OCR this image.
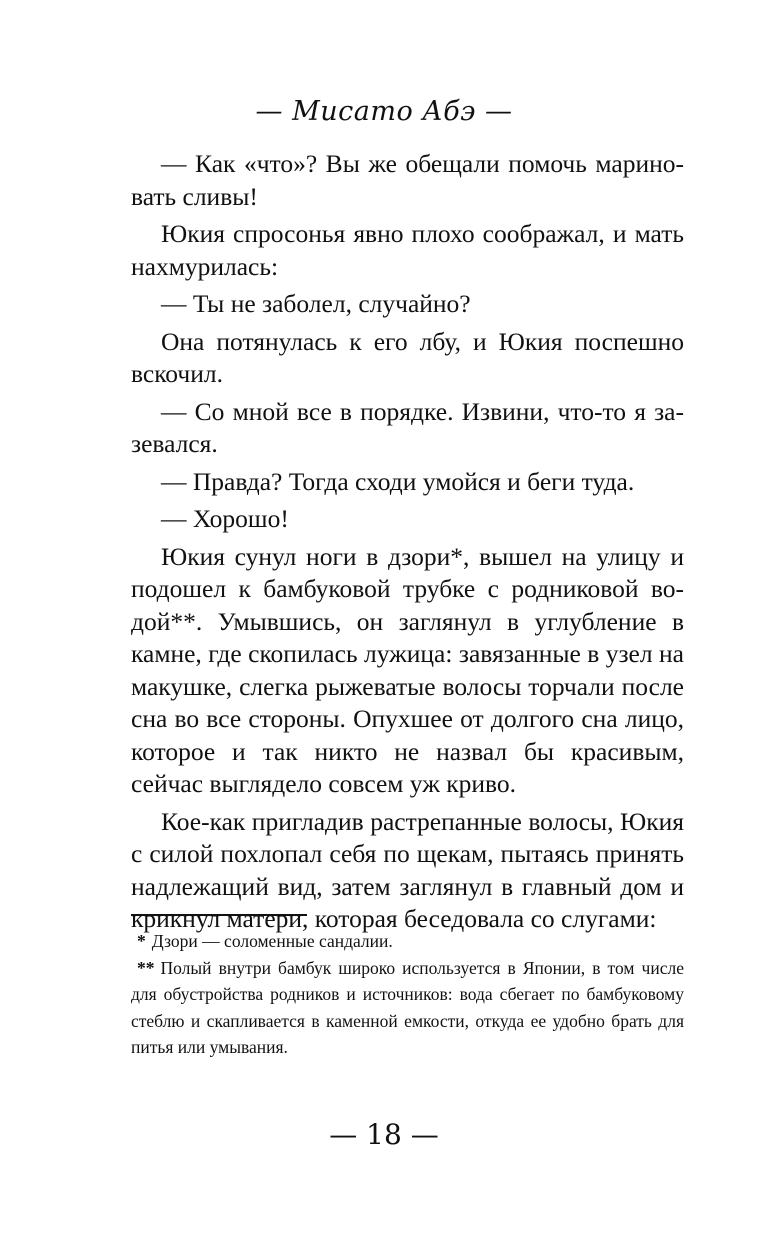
— Мисато Абэ —

— Как «что»? Вы же обещали помочь мариновать сливы!

Юкия спросонья явно плохо соображал, и мать нахмурилась:

— Ты не заболел, случайно?

Она потянулась к его лбу, и Юкия поспешно вскочил.

— Со мной все в порядке. Извини, что-то я зазевался.

— Правда? Тогда сходи умойся и беги туда.

— Хорошо!

Юкия сунул ноги в дзори*, вышел на улицу и подошел к бамбуковой трубке с родниковой водой**. Умывшись, он заглянул в углубление в камне, где скопилась лужица: завязанные в узел на макушке, слегка рыжеватые волосы торчали после сна во все стороны. Опухшее от долгого сна лицо, которое и так никто не назвал бы красивым, сейчас выглядело совсем уж криво.

Кое-как пригладив растрепанные волосы, Юкия с силой похлопал себя по щекам, пытаясь принять надлежащий вид, затем заглянул в главный дом и крикнул матери, которая беседовала со слугами:

* Дзори — соломенные сандалии.

** Полый внутри бамбук широко используется в Японии, в том числе для обустройства родников и источников: вода сбегает по бамбуковому стеблю и скапливается в каменной емкости, откуда ее удобно брать для питья или умывания.

— 18 —
